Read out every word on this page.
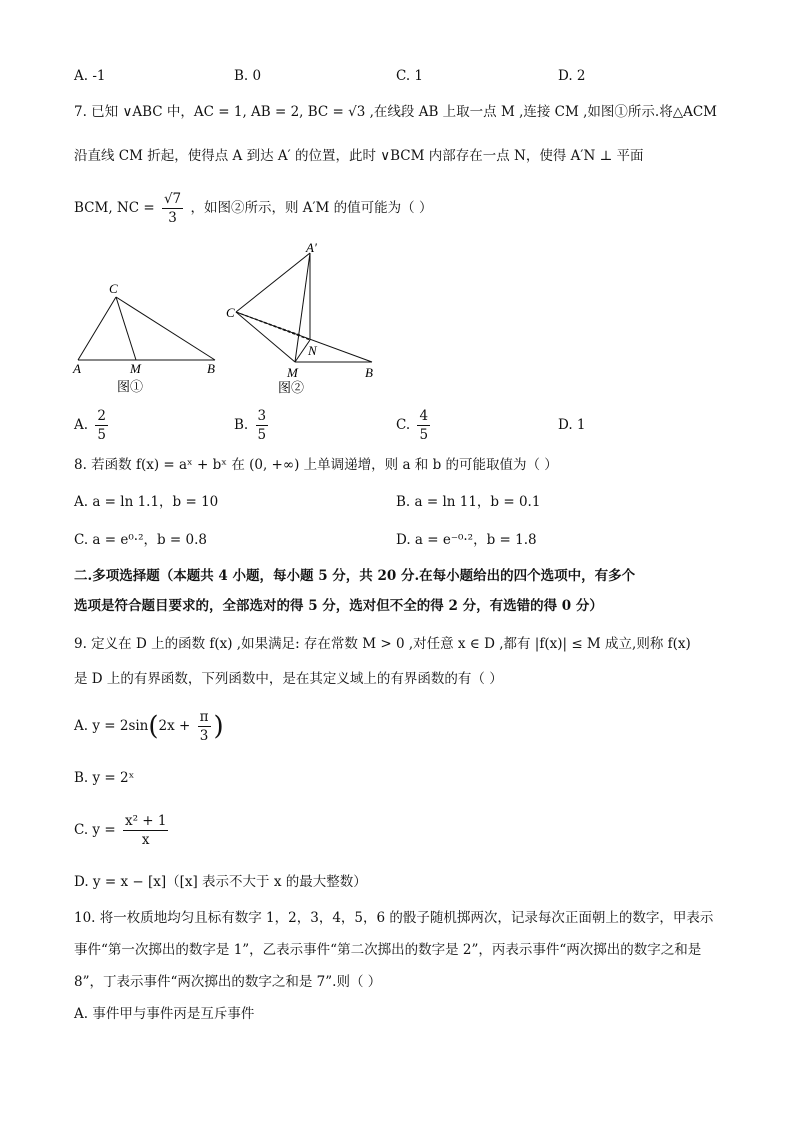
A. -1	B. 0	C. 1	D. 2
7. 已知 ∨ABC 中，AC = 1, AB = 2, BC = √3 ,在线段 AB 上取一点 M ,连接 CM ,如图①所示.将△ACM
沿直线 CM 折起，使得点 A 到达 A′ 的位置，此时 ∨BCM 内部存在一点 N，使得 A′N ⊥ 平面
BCM, NC = $\frac{√7}{3}$ ，如图②所示，则 A′M 的值可能为（ ）
C
A	M	B
图①
A′
C
N
M	B
图②
A. $\frac{2}{5}$	B. $\frac{3}{5}$	C. $\frac{4}{5}$	D. 1
8. 若函数 f(x) = aˣ + bˣ 在 (0, +∞) 上单调递增，则 a 和 b 的可能取值为（ ）
A. a = ln 1.1，b = 10	B. a = ln 11，b = 0.1
C. a = e⁰·²，b = 0.8	D. a = e⁻⁰·²，b = 1.8
二.多项选择题（本题共 4 小题，每小题 5 分，共 20 分.在每小题给出的四个选项中，有多个
选项是符合题目要求的，全部选对的得 5 分，选对但不全的得 2 分，有选错的得 0 分）
9. 定义在 D 上的函数 f(x) ,如果满足: 存在常数 M > 0 ,对任意 x ∈ D ,都有 |f(x)| ≤ M 成立,则称 f(x)
是 D 上的有界函数，下列函数中，是在其定义域上的有界函数的有（ ）
A. $y = 2\sin(2x + \frac{\pi}{3}$ )
B. y = 2ˣ
C. $y = \frac{\text{x² + 1}}{x}$
D. y = x − [x]（[x] 表示不大于 x 的最大整数）
10. 将一枚质地均匀且标有数字 1，2，3，4，5，6 的骰子随机掷两次，记录每次正面朝上的数字，甲表示
事件“第一次掷出的数字是 1”，乙表示事件“第二次掷出的数字是 2”，丙表示事件“两次掷出的数字之和是
8”，丁表示事件“两次掷出的数字之和是 7”.则（ ）
A. 事件甲与事件丙是互斥事件
